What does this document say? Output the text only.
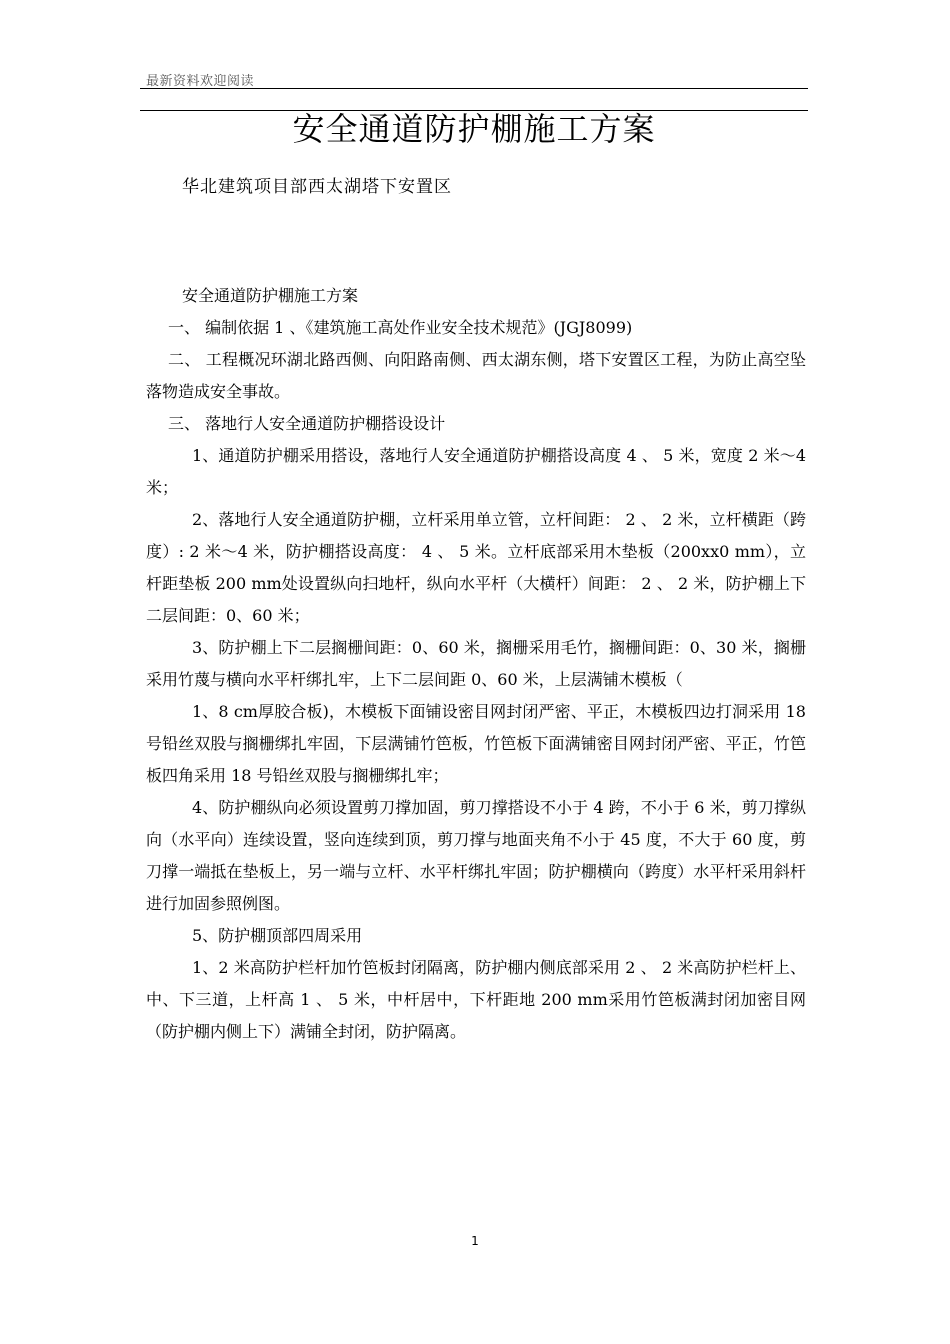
最新资料欢迎阅读
安全通道防护棚施工方案
华北建筑项目部西太湖塔下安置区

安全通道防护棚施工方案

一、 编制依据 1 、《建筑施工高处作业安全技术规范》(JGJ8099)

二、 工程概况环湖北路西侧、向阳路南侧、西太湖东侧，塔下安置区工程，为防止高空坠落物造成安全事故。

三、 落地行人安全通道防护棚搭设设计

1、通道防护棚采用搭设，落地行人安全通道防护棚搭设高度 4 、 5 米，宽度 2 米～4 米；

2、落地行人安全通道防护棚，立杆采用单立管，立杆间距： 2 、 2 米，立杆横距（跨度）: 2 米～4 米，防护棚搭设高度： 4 、 5 米。立杆底部采用木垫板（200xx0 mm），立杆距垫板 200 mm处设置纵向扫地杆，纵向水平杆（大横杆）间距： 2 、 2 米，防护棚上下二层间距：0、60 米；

3、防护棚上下二层搁栅间距：0、60 米，搁栅采用毛竹，搁栅间距：0、30 米，搁栅采用竹蔑与横向水平杆绑扎牢，上下二层间距 0、60 米，上层满铺木模板（

1、8 cm厚胶合板)，木模板下面铺设密目网封闭严密、平正，木模板四边打洞采用 18 号铅丝双股与搁栅绑扎牢固，下层满铺竹笆板，竹笆板下面满铺密目网封闭严密、平正，竹笆板四角采用 18 号铅丝双股与搁栅绑扎牢；

4、防护棚纵向必须设置剪刀撑加固，剪刀撑搭设不小于 4 跨，不小于 6 米，剪刀撑纵向（水平向）连续设置，竖向连续到顶，剪刀撑与地面夹角不小于 45 度，不大于 60 度，剪刀撑一端抵在垫板上，另一端与立杆、水平杆绑扎牢固；防护棚横向（跨度）水平杆采用斜杆进行加固参照例图。

5、防护棚顶部四周采用

1、2 米高防护栏杆加竹笆板封闭隔离，防护棚内侧底部采用 2 、 2 米高防护栏杆上、中、下三道，上杆高 1 、 5 米，中杆居中，下杆距地 200 mm采用竹笆板满封闭加密目网（防护棚内侧上下）满铺全封闭，防护隔离。

1
